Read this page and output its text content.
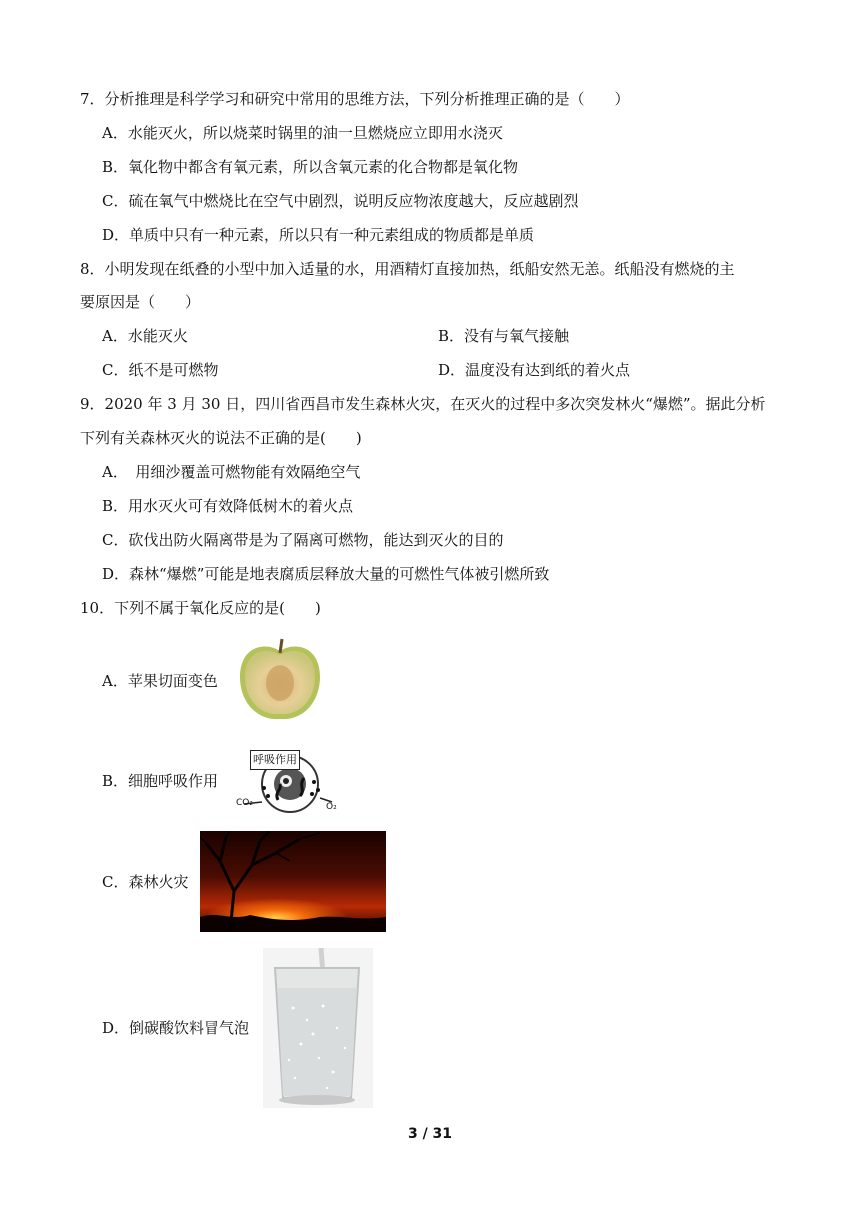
7．分析推理是科学学习和研究中常用的思维方法，下列分析推理正确的是（　　）
A．水能灭火，所以烧菜时锅里的油一旦燃烧应立即用水浇灭
B．氧化物中都含有氧元素，所以含氧元素的化合物都是氧化物
C．硫在氧气中燃烧比在空气中剧烈，说明反应物浓度越大，反应越剧烈
D．单质中只有一种元素，所以只有一种元素组成的物质都是单质
8．小明发现在纸叠的小型中加入适量的水，用酒精灯直接加热，纸船安然无恙。纸船没有燃烧的主
要原因是（　　）
A．水能灭火	B．没有与氧气接触
C．纸不是可燃物	D．温度没有达到纸的着火点
9．2020 年 3 月 30 日，四川省西昌市发生森林火灾，在灭火的过程中多次突发林火“爆燃”。据此分析
下列有关森林灭火的说法不正确的是(　　)
A．　用细沙覆盖可燃物能有效隔绝空气
B．用水灭火可有效降低树木的着火点
C．砍伐出防火隔离带是为了隔离可燃物，能达到灭火的目的
D．森林“爆燃”可能是地表腐质层释放大量的可燃性气体被引燃所致
10．下列不属于氧化反应的是(　　)
A．苹果切面变色
B．细胞呼吸作用
呼吸作用
CO₂	O₂
C．森林火灾
D．倒碳酸饮料冒气泡
3 / 31
